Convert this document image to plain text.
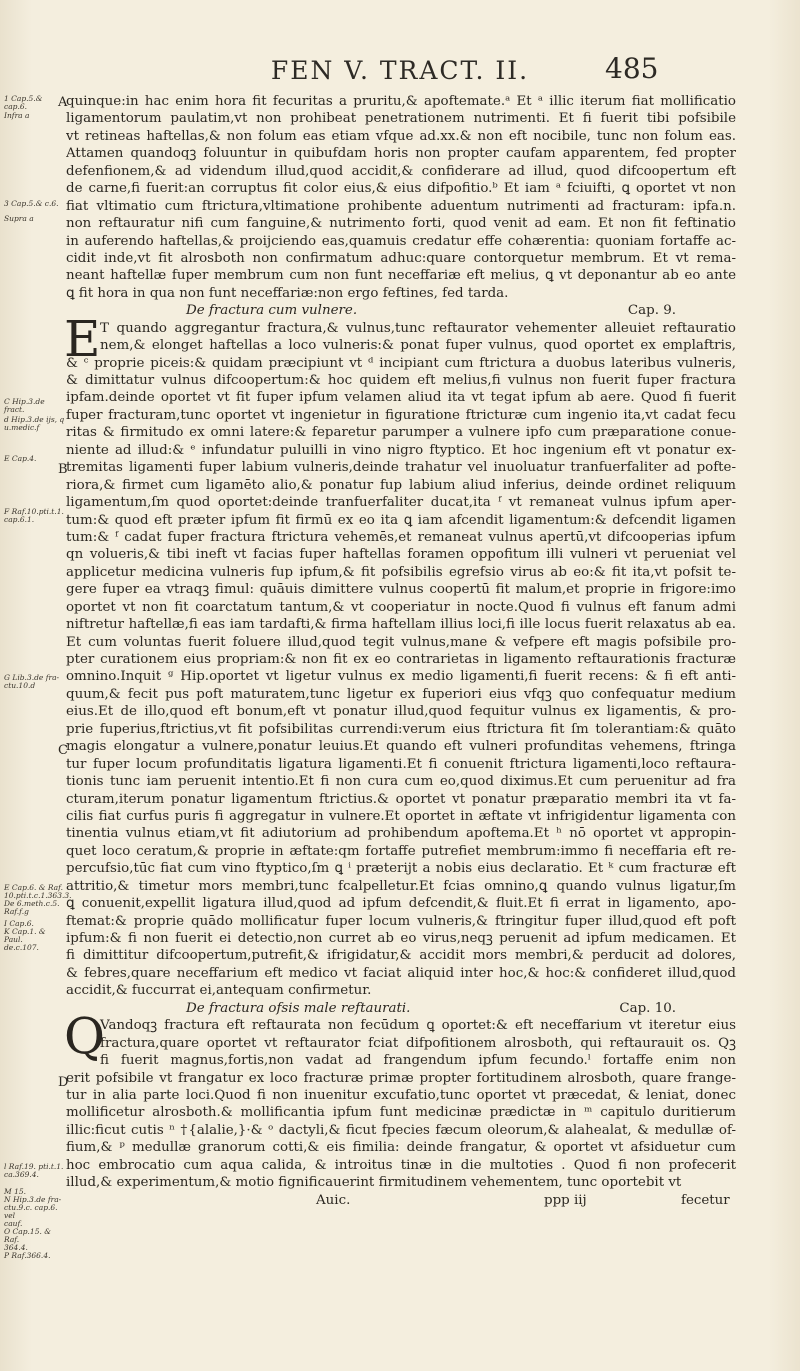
FEN V. TRACT. II.	485
1 Cap.5.& cap.6.
Infra a
3 Cap.5.& c.6.
Supra a
C Hip.3.de fract.
d Hip.3.de ijs, q
u.medic.f
E Cap.4.
F Raf.10.pti.t.1.
cap.6.1.
G Lib.3.de fra-
ctu.10.d
E Cap.6. & Raf.
10.pti.t.c.1.363.3.
De 6.meth.c.5.
Raf.f.g
I Cap.6.
K Cap.1. & Paul.
de.c.107.
l Raf.19. pti.t.1.
ca.369.4.
M 15.
N Hip.3.de fra-
ctu.9.c. cap.6. vel
cauf.
O Cap.15. & Raf.
364.4.
P Raf.366.4.
quinque:in hac enim hora fit fecuritas a pruritu,& apoftemate.ᵃ Et ᵃ illic iterum fiat mollificatio
ligamentorum paulatim,vt non prohibeat penetrationem nutrimenti. Et fi fuerit tibi pofsibile
vt retineas haftellas,& non folum eas etiam vfque ad.xx.& non eft nocibile, tunc non folum eas.
Attamen quandoqꝫ foluuntur in quibufdam horis non propter caufam apparentem, fed propter
defenfionem,& ad videndum illud,quod accidit,& confiderare ad illud, quod difcoopertum eft
de carne,fi fuerit:an corruptus fit color eius,& eius difpofitio.ᵇ Et iam ᵃ fciuifti, ꝗ oportet vt non
fiat vltimatio cum ftrictura,vltimatione prohibente aduentum nutrimenti ad fracturam: ipfa.n.
non reftauratur nifi cum fanguine,& nutrimento forti, quod venit ad eam. Et non fit feftinatio
in auferendo haftellas,& proijciendo eas,quamuis credatur effe cohærentia: quoniam fortaffe ac-
cidit inde,vt fit alrosboth non confirmatum adhuc:quare contorquetur membrum. Et vt rema-
neant haftellæ fuper membrum cum non funt neceffariæ eft melius, ꝗ vt deponantur ab eo ante
ꝗ fit hora in qua non funt neceffariæ:non ergo feftines, fed tarda.
De fractura cum vulnere.	Cap. 9.
T quando aggregantur fractura,& vulnus,tunc reftaurator vehementer alleuiet reftauratio
nem,& elonget haftellas a loco vulneris:& ponat fuper vulnus, quod oportet ex emplaftris,
& ᶜ proprie piceis:& quidam præcipiunt vt ᵈ incipiant cum ftrictura a duobus lateribus vulneris,
& dimittatur vulnus difcoopertum:& hoc quidem eft melius,fi vulnus non fuerit fuper fractura
ipfam.deinde oportet vt fit fuper ipfum velamen aliud ita vt tegat ipfum ab aere. Quod fi fuerit
fuper fracturam,tunc oportet vt ingenietur in figuratione ftricturæ cum ingenio ita,vt cadat fecu
ritas & firmitudo ex omni latere:& feparetur parumper a vulnere ipfo cum præparatione conue-
niente ad illud:& ᵉ infundatur puluilli in vino nigro ftyptico. Et hoc ingenium eft vt ponatur ex-
tremitas ligamenti fuper labium vulneris,deinde trahatur vel inuoluatur tranfuerfaliter ad pofte-
riora,& firmet cum ligamēto alio,& ponatur fup labium aliud inferius, deinde ordinet reliquum
ligamentum,ſm quod oportet:deinde tranfuerfaliter ducat,ita ᶠ vt remaneat vulnus ipfum aper-
tum:& quod eft præter ipfum fit firmū ex eo ita ꝗ iam afcendit ligamentum:& defcendit ligamen
tum:& ᶠ cadat fuper fractura ftrictura vehemēs,et remaneat vulnus apertū,vt difcooperias ipfum
qn volueris,& tibi ineft vt facias fuper haftellas foramen oppofitum illi vulneri vt perueniat vel
applicetur medicina vulneris fup ipfum,& fit pofsibilis egrefsio virus ab eo:& fit ita,vt pofsit te-
gere fuper ea vtraqꝫ fimul: quāuis dimittere vulnus coopertū fit malum,et proprie in frigore:imo
oportet vt non fit coarctatum tantum,& vt cooperiatur in nocte.Quod fi vulnus eft fanum admi
niftretur haftellæ,fi eas iam tardafti,& firma haftellam illius loci,fi ille locus fuerit relaxatus ab ea.
Et cum voluntas fuerit foluere illud,quod tegit vulnus,mane & vefpere eft magis pofsibile pro-
pter curationem eius propriam:& non fit ex eo contrarietas in ligamento reftaurationis fracturæ
omnino.Inquit ᵍ Hip.oportet vt ligetur vulnus ex medio ligamenti,fi fuerit recens: & fi eft anti-
quum,& fecit pus poft maturatem,tunc ligetur ex fuperiori eius vfqꝫ quo confequatur medium
eius.Et de illo,quod eft bonum,eft vt ponatur illud,quod fequitur vulnus ex ligamentis, & pro-
prie fuperius,ftrictius,vt fit pofsibilitas currendi:verum eius ftrictura fit ſm tolerantiam:& quāto
magis elongatur a vulnere,ponatur leuius.Et quando eft vulneri profunditas vehemens, ftringa
tur fuper locum profunditatis ligatura ligamenti.Et fi conuenit ftrictura ligamenti,loco reftaura-
tionis tunc iam peruenit intentio.Et fi non cura cum eo,quod diximus.Et cum peruenitur ad fra
cturam,iterum ponatur ligamentum ftrictius.& oportet vt ponatur præparatio membri ita vt fa-
cilis fiat curfus puris fi aggregatur in vulnere.Et oportet in æftate vt infrigidentur ligamenta con
tinentia vulnus etiam,vt fit adiutorium ad prohibendum apoftema.Et ʰ nō oportet vt appropin-
quet loco ceratum,& proprie in æftate:qm fortaffe putrefiet membrum:immo fi neceffaria eft re-
percufsio,tūc fiat cum vino ftyptico,ſm ꝗ ⁱ præterijt a nobis eius declaratio. Et ᵏ cum fracturæ eft
attritio,& timetur mors membri,tunc fcalpelletur.Et fcias omnino,ꝗ quando vulnus ligatur,ſm
ꝗ conuenit,expellit ligatura illud,quod ad ipfum defcendit,& fluit.Et fi errat in ligamento, apo-
ftemat:& proprie quādo mollificatur fuper locum vulneris,& ftringitur fuper illud,quod eft poft
ipfum:& fi non fuerit ei detectio,non curret ab eo virus,neqꝫ peruenit ad ipfum medicamen. Et
fi dimittitur difcoopertum,putrefit,& ifrigidatur,& accidit mors membri,& perducit ad dolores,
& febres,quare neceffarium eft medico vt faciat aliquid inter hoc,& hoc:& confideret illud,quod
accidit,& fuccurrat ei,antequam confirmetur.
E
De fractura ofsis male reftaurati.	Cap. 10.
Vandoqꝫ fractura eft reftaurata non fecūdum ꝗ oportet:& eft neceffarium vt iteretur eius
fractura,quare oportet vt reftaurator fciat difpofitionem alrosboth, qui reftaurauit os. Qꝫ
fi fuerit magnus,fortis,non vadat ad frangendum ipfum fecundo.ˡ fortaffe enim non
erit pofsibile vt frangatur ex loco fracturæ primæ propter fortitudinem alrosboth, quare frange-
tur in alia parte loci.Quod fi non inuenitur excufatio,tunc oportet vt præcedat, & leniat, donec
mollificetur alrosboth.& mollificantia ipfum funt medicinæ prædictæ in ᵐ capitulo duritierum
illic:ficut cutis ⁿ †{alalie,}·& ᵒ dactyli,& ficut fpecies fæcum oleorum,& alahealat, & medullæ of-
fium,& ᵖ medullæ granorum cotti,& eis fimilia: deinde frangatur, & oportet vt afsiduetur cum
hoc embrocatio cum aqua calida, & introitus tinæ in die multoties . Quod fi non profecerit
illud,& experimentum,& motio fignificauerint firmitudinem vehementem, tunc oportebit vt
Q
Auic.	ppp iij	fecetur
A
B
C
D
